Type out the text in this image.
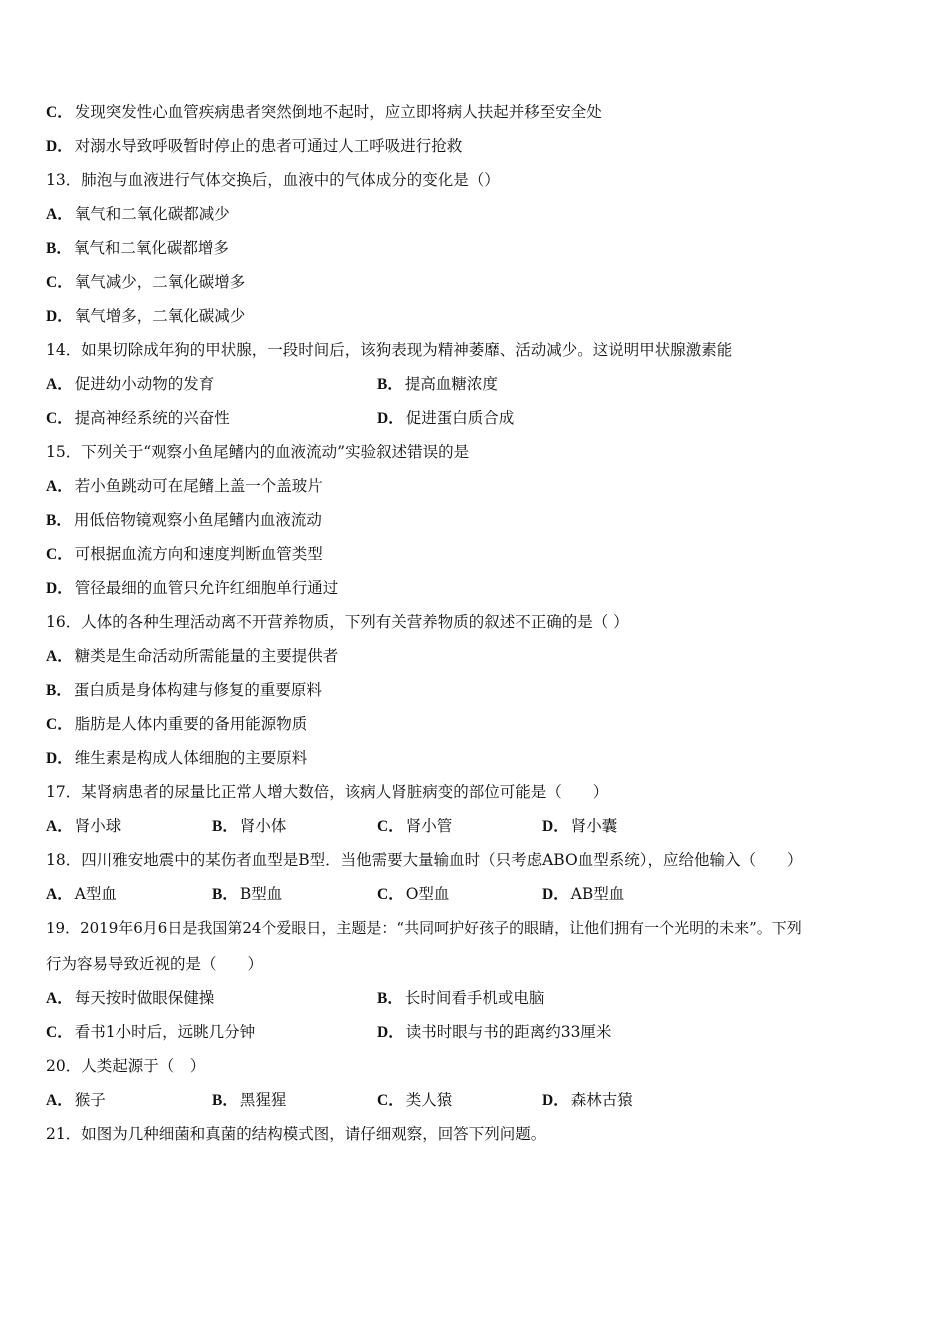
C． 发现突发性心血管疾病患者突然倒地不起时，应立即将病人扶起并移至安全处
D． 对溺水导致呼吸暂时停止的患者可通过人工呼吸进行抢救
13．肺泡与血液进行气体交换后，血液中的气体成分的变化是（）
A． 氧气和二氧化碳都减少
B． 氧气和二氧化碳都增多
C． 氧气减少，二氧化碳增多
D． 氧气增多，二氧化碳减少
14．如果切除成年狗的甲状腺，一段时间后，该狗表现为精神萎靡、活动减少。这说明甲状腺激素能
A． 促进幼小动物的发育	B． 提高血糖浓度
C． 提高神经系统的兴奋性	D． 促进蛋白质合成
15．下列关于“观察小鱼尾鳍内的血液流动”实验叙述错误的是
A． 若小鱼跳动可在尾鳍上盖一个盖玻片
B． 用低倍物镜观察小鱼尾鳍内血液流动
C． 可根据血流方向和速度判断血管类型
D． 管径最细的血管只允许红细胞单行通过
16．人体的各种生理活动离不开营养物质，下列有关营养物质的叙述不正确的是（ ）
A． 糖类是生命活动所需能量的主要提供者
B． 蛋白质是身体构建与修复的重要原料
C． 脂肪是人体内重要的备用能源物质
D． 维生素是构成人体细胞的主要原料
17．某肾病患者的尿量比正常人增大数倍，该病人肾脏病变的部位可能是（　　）
A． 肾小球	B． 肾小体	C． 肾小管	D． 肾小囊
18．四川雅安地震中的某伤者血型是B型．当他需要大量输血时（只考虑ABO血型系统），应给他输入（　　）
A． A型血	B． B型血	C． O型血	D． AB型血
19．2019年6月6日是我国第24个爱眼日，主题是：“共同呵护好孩子的眼睛，让他们拥有一个光明的未来”。下列
行为容易导致近视的是（　　）
A． 每天按时做眼保健操	B． 长时间看手机或电脑
C． 看书1小时后，远眺几分钟	D． 读书时眼与书的距离约33厘米
20．人类起源于（　）
A． 猴子	B． 黑猩猩	C． 类人猿	D． 森林古猿
21．如图为几种细菌和真菌的结构模式图，请仔细观察，回答下列问题。
